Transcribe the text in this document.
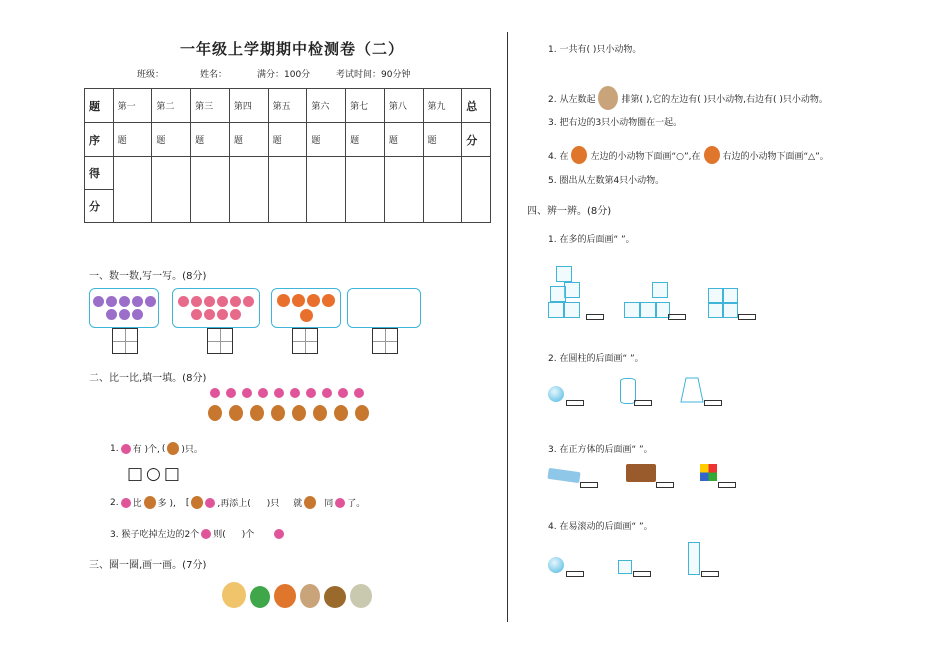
一年级上学期期中检测卷（二）
班级：	姓名：	满分：100分	考试时间：90分钟
题	第一	第二	第三	第四	第五	第六	第七	第八	第九	总
序	题	题	题	题	题	题	题	题	题	分
得										
分										
一、数一数,写一写。(8分)
二、比一比,填一填。(8分)
1. 有 )个, ( )只。
□○□
2. 比 多 ), [	,再添上( )只 就 同 了。
3. 猴子吃掉左边的2个 则( )个
三、圈一圈,画一画。(7分)
1. 一共有( )只小动物。
2. 从左数起	排第( ),它的左边有( )只小动物,右边有( )只小动物。
3. 把右边的3只小动物圈在一起。
4. 在 左边的小动物下面画“○”,在 右边的小动物下面画“△”。
5. 圈出从左数第4只小动物。
四、辨一辨。(8分)
1. 在多的后面画“ ”。
2. 在圆柱的后面画“ ”。
3. 在正方体的后面画“ ”。
4. 在易滚动的后面画“ ”。
